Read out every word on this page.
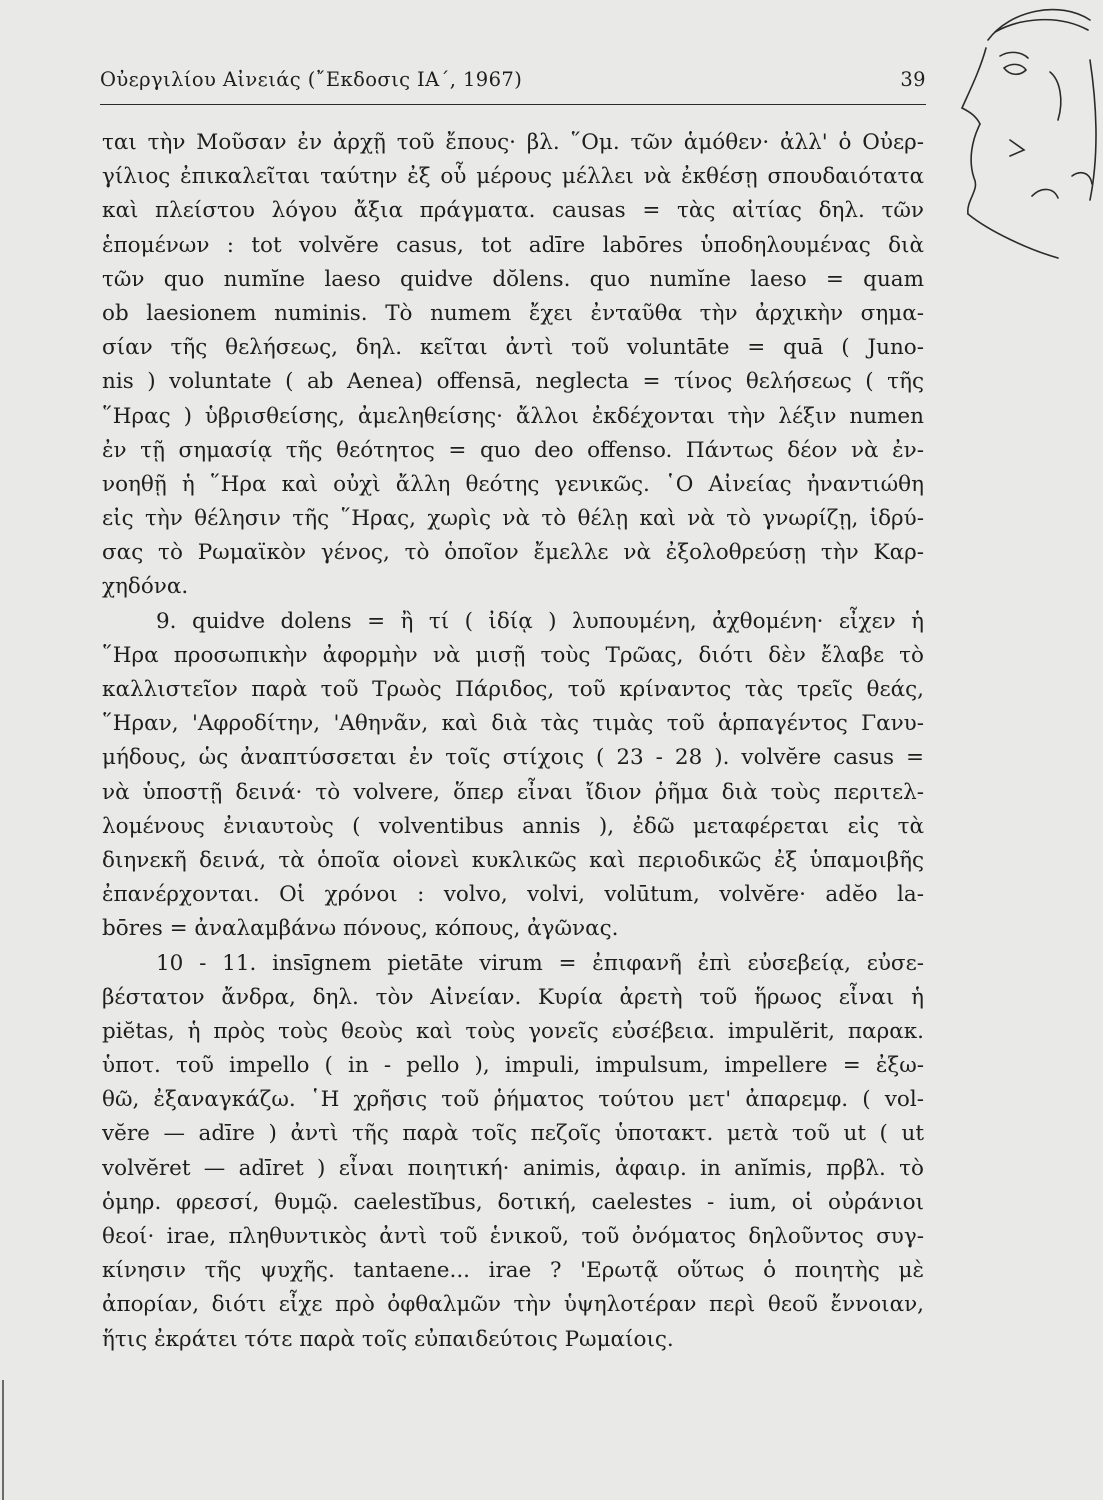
Οὐεργιλίου Αἰνειάς (῎Εκδοσις ΙΑ΄, 1967)	39
ται τὴν Μοῦσαν ἐν ἀρχῇ τοῦ ἔπους· βλ. ῞Ομ. τῶν ἁμόθεν· ἀλλ' ὁ Οὐερ-
γίλιος ἐπικαλεῖται ταύτην ἐξ οὗ μέρους μέλλει νὰ ἐκθέσῃ σπουδαιότατα
καὶ πλείστου λόγου ἄξια πράγματα. causas = τὰς αἰτίας δηλ. τῶν
ἑπομένων : tot volvĕre casus, tot adīre labōres ὑποδηλουμένας διὰ
τῶν quo numĭne laeso quidve dŏlens. quo numĭne laeso = quam
ob laesionem numinis. Τὸ numem ἔχει ἐνταῦθα τὴν ἀρχικὴν σημα-
σίαν τῆς θελήσεως, δηλ. κεῖται ἀντὶ τοῦ voluntāte = quā ( Juno-
nis ) voluntate ( ab Aenea) offensā, neglecta = τίνος θελήσεως ( τῆς
῞Ηρας ) ὑβρισθείσης, ἀμεληθείσης· ἄλλοι ἐκδέχονται τὴν λέξιν numen
ἐν τῇ σημασίᾳ τῆς θεότητος = quo deo offenso. Πάντως δέον νὰ ἐν-
νοηθῇ ἡ ῞Ηρα καὶ οὐχὶ ἄλλη θεότης γενικῶς. ῾Ο Αἰνείας ἠναντιώθη
εἰς τὴν θέλησιν τῆς ῞Ηρας, χωρὶς νὰ τὸ θέλῃ καὶ νὰ τὸ γνωρίζῃ, ἱδρύ-
σας τὸ Ρωμαϊκὸν γένος, τὸ ὁποῖον ἔμελλε νὰ ἐξολοθρεύσῃ τὴν Καρ-
χηδόνα.
9. quidve dolens = ἢ τί ( ἰδίᾳ ) λυπουμένη, ἀχθομένη· εἶχεν ἡ
῞Ηρα προσωπικὴν ἀφορμὴν νὰ μισῇ τοὺς Τρῶας, διότι δὲν ἔλαβε τὸ
καλλιστεῖον παρὰ τοῦ Τρωὸς Πάριδος, τοῦ κρίναντος τὰς τρεῖς θεάς,
῞Ηραν, 'Αφροδίτην, 'Αθηνᾶν, καὶ διὰ τὰς τιμὰς τοῦ ἁρπαγέντος Γανυ-
μήδους, ὡς ἀναπτύσσεται ἐν τοῖς στίχοις ( 23 - 28 ). volvĕre casus =
νὰ ὑποστῇ δεινά· τὸ volvere, ὅπερ εἶναι ἴδιον ῥῆμα διὰ τοὺς περιτελ-
λομένους ἐνιαυτοὺς ( volventibus annis ), ἐδῶ μεταφέρεται εἰς τὰ
διηνεκῆ δεινά, τὰ ὁποῖα οἱονεὶ κυκλικῶς καὶ περιοδικῶς ἐξ ὑπαμοιβῆς
ἐπανέρχονται. Οἱ χρόνοι : volvo, volvi, volūtum, volvĕre· adĕo la-
bōres = ἀναλαμβάνω πόνους, κόπους, ἀγῶνας.
10 - 11. insīgnem pietāte virum = ἐπιφανῆ ἐπὶ εὐσεβείᾳ, εὐσε-
βέστατον ἄνδρα, δηλ. τὸν Αἰνείαν. Κυρία ἀρετὴ τοῦ ἥρωος εἶναι ἡ
piĕtas, ἡ πρὸς τοὺς θεοὺς καὶ τοὺς γονεῖς εὐσέβεια. impulĕrit, παρακ.
ὑποτ. τοῦ impello ( in - pello ), impuli, impulsum, impellere = ἐξω-
θῶ, ἐξαναγκάζω. ῾Η χρῆσις τοῦ ῥήματος τούτου μετ' ἀπαρεμφ. ( vol-
vĕre — adīre ) ἀντὶ τῆς παρὰ τοῖς πεζοῖς ὑποτακτ. μετὰ τοῦ ut ( ut
volvĕret — adīret ) εἶναι ποιητική· animis, ἀφαιρ. in anĭmis, πρβλ. τὸ
ὁμηρ. φρεσσί, θυμῷ. caelestĭbus, δοτική, caelestes - ium, οἱ οὐράνιοι
θεοί· irae, πληθυντικὸς ἀντὶ τοῦ ἑνικοῦ, τοῦ ὀνόματος δηλοῦντος συγ-
κίνησιν τῆς ψυχῆς. tantaene... irae ? 'Ερωτᾷ οὕτως ὁ ποιητὴς μὲ
ἀπορίαν, διότι εἶχε πρὸ ὀφθαλμῶν τὴν ὑψηλοτέραν περὶ θεοῦ ἔννοιαν,
ἥτις ἐκράτει τότε παρὰ τοῖς εὐπαιδεύτοις Ρωμαίοις.
